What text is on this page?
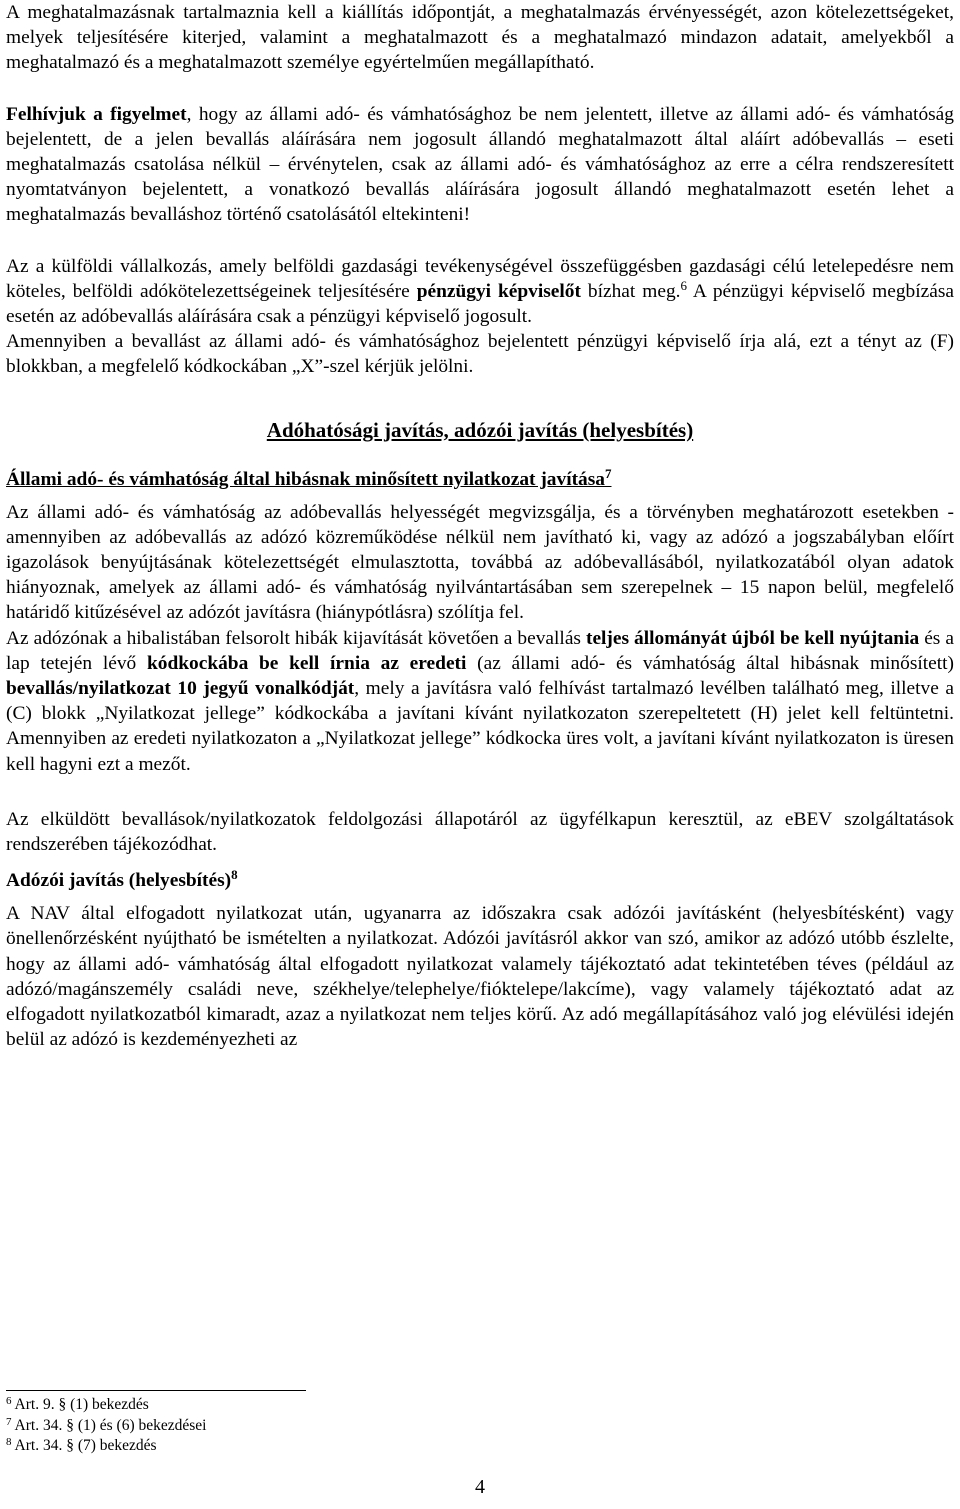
A meghatalmazásnak tartalmaznia kell a kiállítás időpontját, a meghatalmazás érvényességét, azon kötelezettségeket, melyek teljesítésére kiterjed, valamint a meghatalmazott és a meghatalmazó mindazon adatait, amelyekből a meghatalmazó és a meghatalmazott személye egyértelműen megállapítható.

Felhívjuk a figyelmet, hogy az állami adó- és vámhatósághoz be nem jelentett, illetve az állami adó- és vámhatóság bejelentett, de a jelen bevallás aláírására nem jogosult állandó meghatalmazott által aláírt adóbevallás – eseti meghatalmazás csatolása nélkül – érvénytelen, csak az állami adó- és vámhatósághoz az erre a célra rendszeresített nyomtatványon bejelentett, a vonatkozó bevallás aláírására jogosult állandó meghatalmazott esetén lehet a meghatalmazás bevalláshoz történő csatolásától eltekinteni!

Az a külföldi vállalkozás, amely belföldi gazdasági tevékenységével összefüggésben gazdasági célú letelepedésre nem köteles, belföldi adókötelezettségeinek teljesítésére pénzügyi képviselőt bízhat meg.$^6$ A pénzügyi képviselő megbízása esetén az adóbevallás aláírására csak a pénzügyi képviselő jogosult.

Amennyiben a bevallást az állami adó- és vámhatósághoz bejelentett pénzügyi képviselő írja alá, ezt a tényt az (F) blokkban, a megfelelő kódkockában „X”-szel kérjük jelölni.

Adóhatósági javítás, adózói javítás (helyesbítés)
Állami adó- és vámhatóság által hibásnak minősített nyilatkozat javítása$^7$

Az állami adó- és vámhatóság az adóbevallás helyességét megvizsgálja, és a törvényben meghatározott esetekben - amennyiben az adóbevallás az adózó közreműködése nélkül nem javítható ki, vagy az adózó a jogszabályban előírt igazolások benyújtásának kötelezettségét elmulasztotta, továbbá az adóbevallásából, nyilatkozatából olyan adatok hiányoznak, amelyek az állami adó- és vámhatóság nyilvántartásában sem szerepelnek – 15 napon belül, megfelelő határidő kitűzésével az adózót javításra (hiánypótlásra) szólítja fel.

Az adózónak a hibalistában felsorolt hibák kijavítását követően a bevallás teljes állományát újból be kell nyújtania és a lap tetején lévő kódkockába be kell írnia az eredeti (az állami adó- és vámhatóság által hibásnak minősített) bevallás/nyilatkozat 10 jegyű vonalkódját, mely a javításra való felhívást tartalmazó levélben található meg, illetve a (C) blokk „Nyilatkozat jellege” kódkockába a javítani kívánt nyilatkozaton szerepeltetett (H) jelet kell feltüntetni. Amennyiben az eredeti nyilatkozaton a „Nyilatkozat jellege” kódkocka üres volt, a javítani kívánt nyilatkozaton is üresen kell hagyni ezt a mezőt.

Az elküldött bevallások/nyilatkozatok feldolgozási állapotáról az ügyfélkapun keresztül, az eBEV szolgáltatások rendszerében tájékozódhat.

Adózói javítás (helyesbítés)$^8$

A NAV által elfogadott nyilatkozat után, ugyanarra az időszakra csak adózói javításként (helyesbítésként) vagy önellenőrzésként nyújtható be ismételten a nyilatkozat. Adózói javításról akkor van szó, amikor az adózó utóbb észlelte, hogy az állami adó- vámhatóság által elfogadott nyilatkozat valamely tájékoztató adat tekintetében téves (például az adózó/magánszemély családi neve, székhelye/telephelye/fióktelepe/lakcíme), vagy valamely tájékoztató adat az elfogadott nyilatkozatból kimaradt, azaz a nyilatkozat nem teljes körű. Az adó megállapításához való jog elévülési idején belül az adózó is kezdeményezheti az

$^6$ Art. 9. § (1) bekezdés
$^7$ Art. 34. § (1) és (6) bekezdései
$^8$ Art. 34. § (7) bekezdés
4
